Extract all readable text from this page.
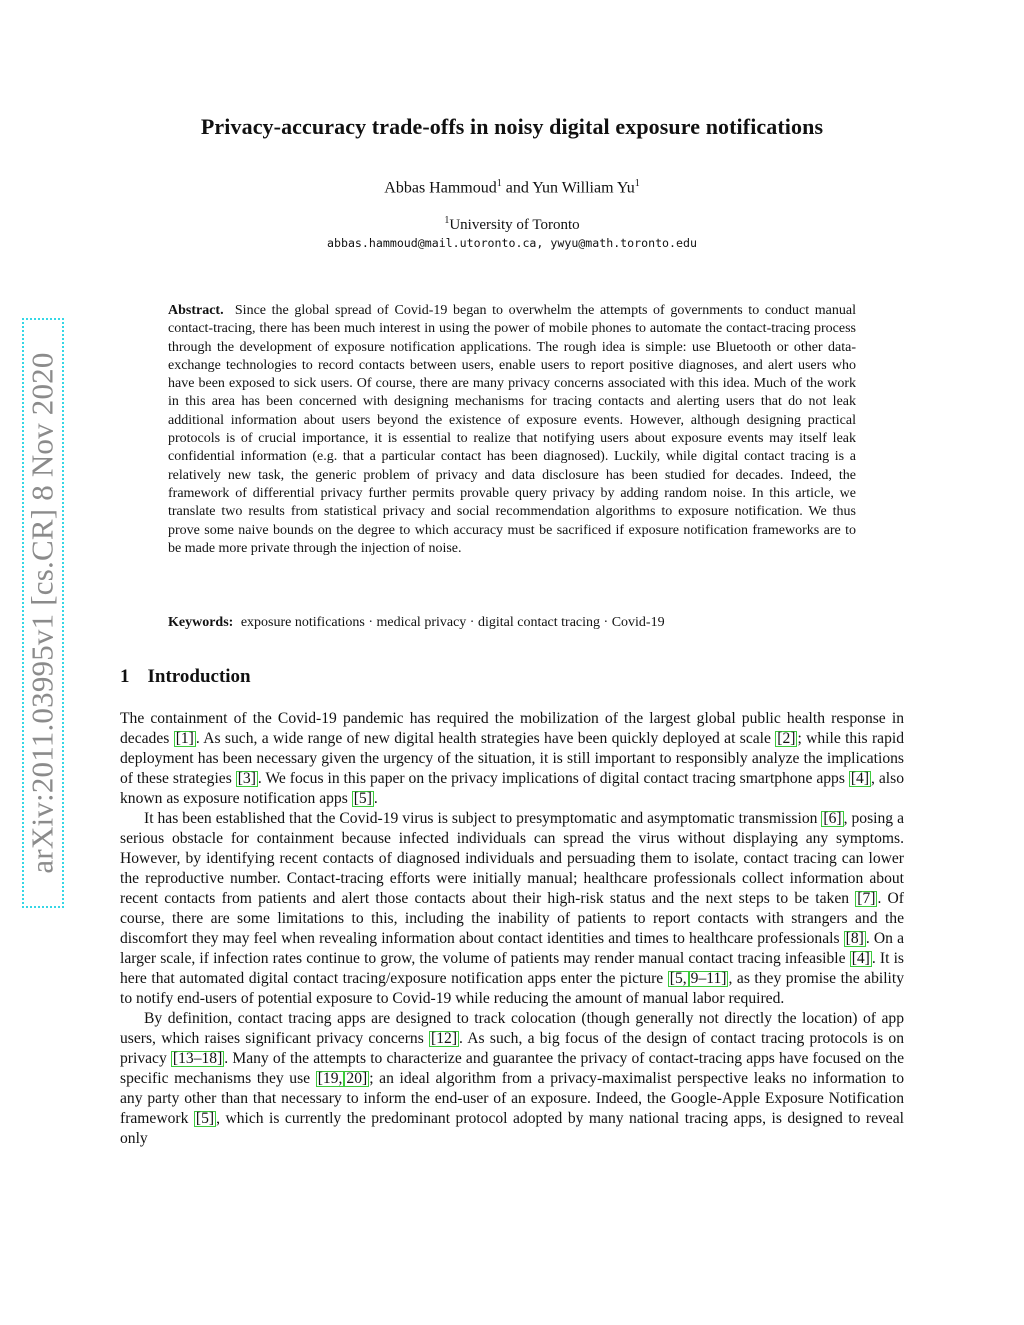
arXiv:2011.03995v1 [cs.CR] 8 Nov 2020
Privacy-accuracy trade-offs in noisy digital exposure notifications
Abbas Hammoud$^1$ and Yun William Yu$^1$
$^1$University of Toronto
abbas.hammoud@mail.utoronto.ca, ywyu@math.toronto.edu
Abstract. Since the global spread of Covid-19 began to overwhelm the attempts of governments to conduct manual contact-tracing, there has been much interest in using the power of mobile phones to automate the contact-tracing process through the development of exposure notification applications. The rough idea is simple: use Bluetooth or other data-exchange technologies to record contacts between users, enable users to report positive diagnoses, and alert users who have been exposed to sick users. Of course, there are many privacy concerns associated with this idea. Much of the work in this area has been concerned with designing mechanisms for tracing contacts and alerting users that do not leak additional information about users beyond the existence of exposure events. However, although designing practical protocols is of crucial importance, it is essential to realize that notifying users about exposure events may itself leak confidential information (e.g. that a particular contact has been diagnosed). Luckily, while digital contact tracing is a relatively new task, the generic problem of privacy and data disclosure has been studied for decades. Indeed, the framework of differential privacy further permits provable query privacy by adding random noise. In this article, we translate two results from statistical privacy and social recommendation algorithms to exposure notification. We thus prove some naive bounds on the degree to which accuracy must be sacrificed if exposure notification frameworks are to be made more private through the injection of noise.
Keywords: exposure notifications · medical privacy · digital contact tracing · Covid-19
1 Introduction

The containment of the Covid-19 pandemic has required the mobilization of the largest global public health response in decades [1] . As such, a wide range of new digital health strategies have been quickly deployed at scale [2] ; while this rapid deployment has been necessary given the urgency of the situation, it is still important to responsibly analyze the implications of these strategies [3] . We focus in this paper on the privacy implications of digital contact tracing smartphone apps [4] , also known as exposure notification apps [5] .

It has been established that the Covid-19 virus is subject to presymptomatic and asymptomatic transmission [6] , posing a serious obstacle for containment because infected individuals can spread the virus without displaying any symptoms. However, by identifying recent contacts of diagnosed individuals and persuading them to isolate, contact tracing can lower the reproductive number. Contact-tracing efforts were initially manual; healthcare professionals collect information about recent contacts from patients and alert those contacts about their high-risk status and the next steps to be taken [7] . Of course, there are some limitations to this, including the inability of patients to report contacts with strangers and the discomfort they may feel when revealing information about contact identities and times to healthcare professionals [8] . On a larger scale, if infection rates continue to grow, the volume of patients may render manual contact tracing infeasible [4] . It is here that automated digital contact tracing/exposure notification apps enter the picture [5, 9–11] , as they promise the ability to notify end-users of potential exposure to Covid-19 while reducing the amount of manual labor required.

By definition, contact tracing apps are designed to track colocation (though generally not directly the location) of app users, which raises significant privacy concerns [12] . As such, a big focus of the design of contact tracing protocols is on privacy [13–18] . Many of the attempts to characterize and guarantee the privacy of contact-tracing apps have focused on the specific mechanisms they use [19, 20] ; an ideal algorithm from a privacy-maximalist perspective leaks no information to any party other than that necessary to inform the end-user of an exposure. Indeed, the Google-Apple Exposure Notification framework [5] , which is currently the predominant protocol adopted by many national tracing apps, is designed to reveal only
